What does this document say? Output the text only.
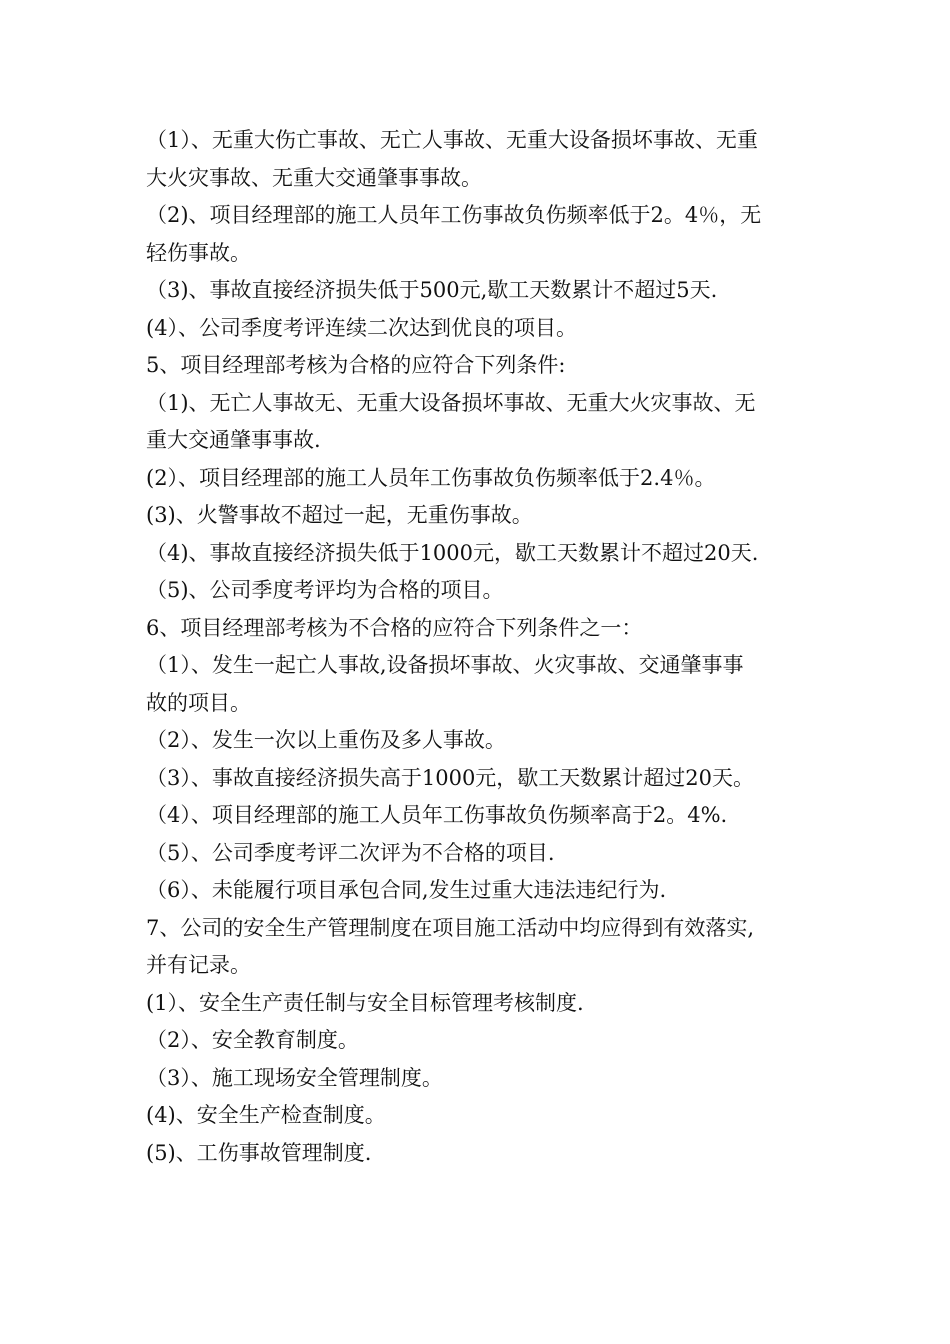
（1）、无重大伤亡事故、无亡人事故、无重大设备损坏事故、无重
大火灾事故、无重大交通肇事事故。
（2)、项目经理部的施工人员年工伤事故负伤频率低于2。4％，无
轻伤事故。
（3)、事故直接经济损失低于500元,歇工天数累计不超过5天.
(4）、公司季度考评连续二次达到优良的项目。
5、项目经理部考核为合格的应符合下列条件:
（1)、无亡人事故无、无重大设备损坏事故、无重大火灾事故、无
重大交通肇事事故.
(2）、项目经理部的施工人员年工伤事故负伤频率低于2.4％。
(3)、火警事故不超过一起，无重伤事故。
（4)、事故直接经济损失低于1000元，歇工天数累计不超过20天.
（5)、公司季度考评均为合格的项目。
6、项目经理部考核为不合格的应符合下列条件之一：
（1）、发生一起亡人事故,设备损坏事故、火灾事故、交通肇事事
故的项目。
（2）、发生一次以上重伤及多人事故。
（3）、事故直接经济损失高于1000元，歇工天数累计超过20天。
（4）、项目经理部的施工人员年工伤事故负伤频率高于2。4%.
（5）、公司季度考评二次评为不合格的项目.
（6）、未能履行项目承包合同,发生过重大违法违纪行为.
7、公司的安全生产管理制度在项目施工活动中均应得到有效落实,
并有记录。
(1）、安全生产责任制与安全目标管理考核制度.
（2）、安全教育制度。
（3）、施工现场安全管理制度。
(4)、安全生产检查制度。
(5)、工伤事故管理制度.
